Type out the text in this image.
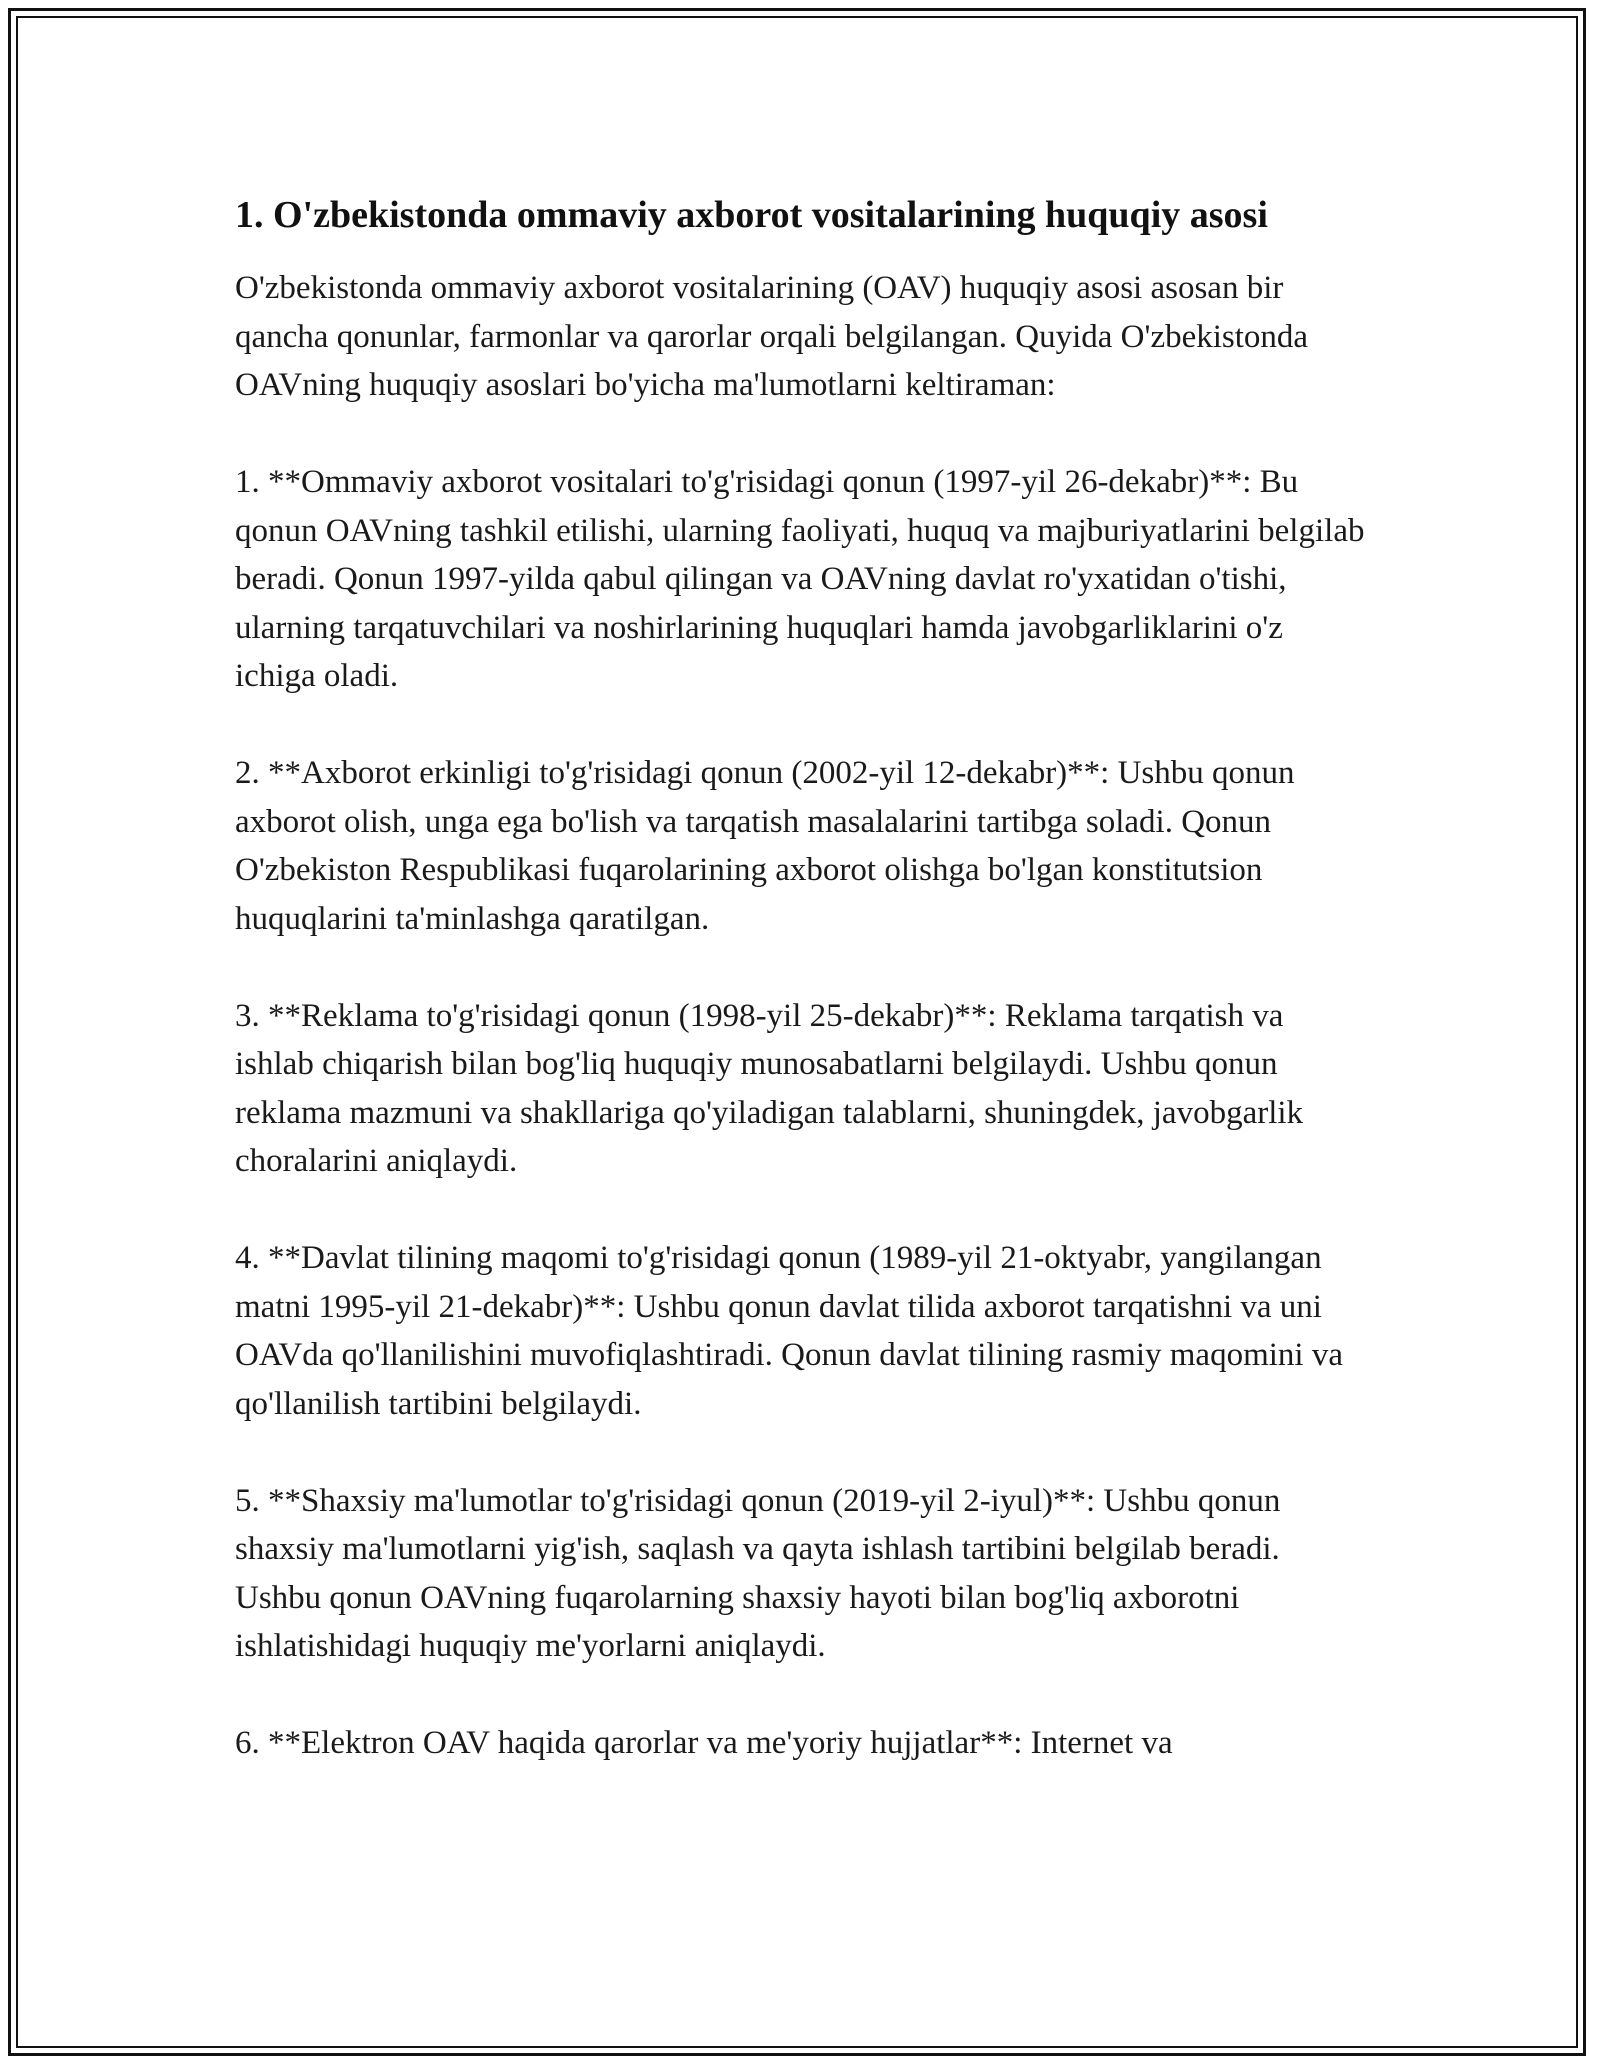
1. O'zbekistonda ommaviy axborot vositalarining huquqiy asosi

O'zbekistonda ommaviy axborot vositalarining (OAV) huquqiy asosi asosan bir qancha qonunlar, farmonlar va qarorlar orqali belgilangan. Quyida O'zbekistonda OAVning huquqiy asoslari bo'yicha ma'lumotlarni keltiraman:

1. **Ommaviy axborot vositalari to'g'risidagi qonun (1997-yil 26-dekabr)**: Bu qonun OAVning tashkil etilishi, ularning faoliyati, huquq va majburiyatlarini belgilab beradi. Qonun 1997-yilda qabul qilingan va OAVning davlat ro'yxatidan o'tishi, ularning tarqatuvchilari va noshirlarining huquqlari hamda javobgarliklarini o'z ichiga oladi.

2. **Axborot erkinligi to'g'risidagi qonun (2002-yil 12-dekabr)**: Ushbu qonun axborot olish, unga ega bo'lish va tarqatish masalalarini tartibga soladi. Qonun O'zbekiston Respublikasi fuqarolarining axborot olishga bo'lgan konstitutsion huquqlarini ta'minlashga qaratilgan.

3. **Reklama to'g'risidagi qonun (1998-yil 25-dekabr)**: Reklama tarqatish va ishlab chiqarish bilan bog'liq huquqiy munosabatlarni belgilaydi. Ushbu qonun reklama mazmuni va shakllariga qo'yiladigan talablarni, shuningdek, javobgarlik choralarini aniqlaydi.

4. **Davlat tilining maqomi to'g'risidagi qonun (1989-yil 21-oktyabr, yangilangan matni 1995-yil 21-dekabr)**: Ushbu qonun davlat tilida axborot tarqatishni va uni OAVda qo'llanilishini muvofiqlashtiradi. Qonun davlat tilining rasmiy maqomini va qo'llanilish tartibini belgilaydi.

5. **Shaxsiy ma'lumotlar to'g'risidagi qonun (2019-yil 2-iyul)**: Ushbu qonun shaxsiy ma'lumotlarni yig'ish, saqlash va qayta ishlash tartibini belgilab beradi. Ushbu qonun OAVning fuqarolarning shaxsiy hayoti bilan bog'liq axborotni ishlatishidagi huquqiy me'yorlarni aniqlaydi.

6. **Elektron OAV haqida qarorlar va me'yoriy hujjatlar**: Internet va
